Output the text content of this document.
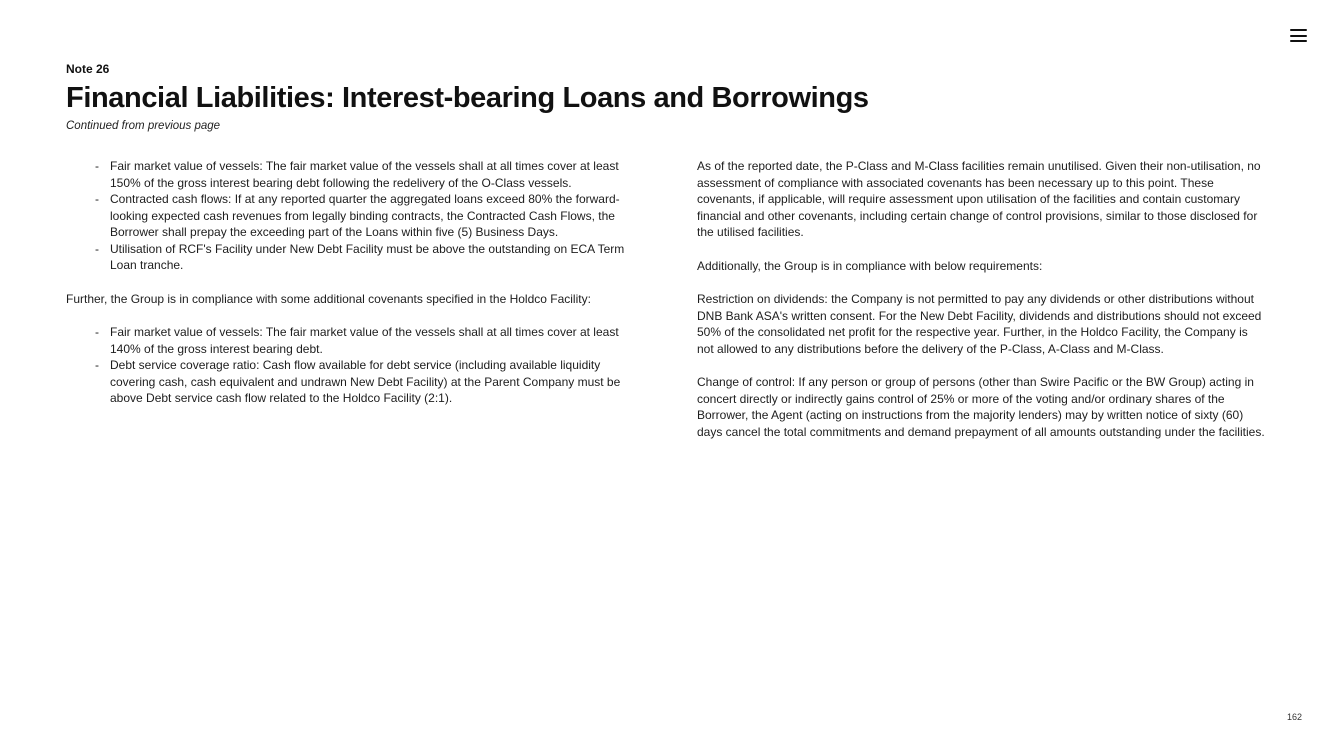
Note 26
Financial Liabilities: Interest-bearing Loans and Borrowings
Continued from previous page
- Fair market value of vessels: The fair market value of the vessels shall at all times cover at least 150% of the gross interest bearing debt following the redelivery of the O-Class vessels.
- Contracted cash flows: If at any reported quarter the aggregated loans exceed 80% the forward-looking expected cash revenues from legally binding contracts, the Contracted Cash Flows, the Borrower shall prepay the exceeding part of the Loans within five (5) Business Days.
- Utilisation of RCF's Facility under New Debt Facility must be above the outstanding on ECA Term Loan tranche.

Further, the Group is in compliance with some additional covenants specified in the Holdco Facility:

- Fair market value of vessels: The fair market value of the vessels shall at all times cover at least 140% of the gross interest bearing debt.
- Debt service coverage ratio: Cash flow available for debt service (including available liquidity covering cash, cash equivalent and undrawn New Debt Facility) at the Parent Company must be above Debt service cash flow related to the Holdco Facility (2:1).

As of the reported date, the P-Class and M-Class facilities remain unutilised. Given their non-utilisation, no assessment of compliance with associated covenants has been necessary up to this point. These covenants, if applicable, will require assessment upon utilisation of the facilities and contain customary financial and other covenants, including certain change of control provisions, similar to those disclosed for the utilised facilities.

Additionally, the Group is in compliance with below requirements:

Restriction on dividends: the Company is not permitted to pay any dividends or other distributions without DNB Bank ASA's written consent. For the New Debt Facility, dividends and distributions should not exceed 50% of the consolidated net profit for the respective year. Further, in the Holdco Facility, the Company is not allowed to any distributions before the delivery of the P-Class, A-Class and M-Class.

Change of control: If any person or group of persons (other than Swire Pacific or the BW Group) acting in concert directly or indirectly gains control of 25% or more of the voting and/or ordinary shares of the Borrower, the Agent (acting on instructions from the majority lenders) may by written notice of sixty (60) days cancel the total commitments and demand prepayment of all amounts outstanding under the facilities.

162
